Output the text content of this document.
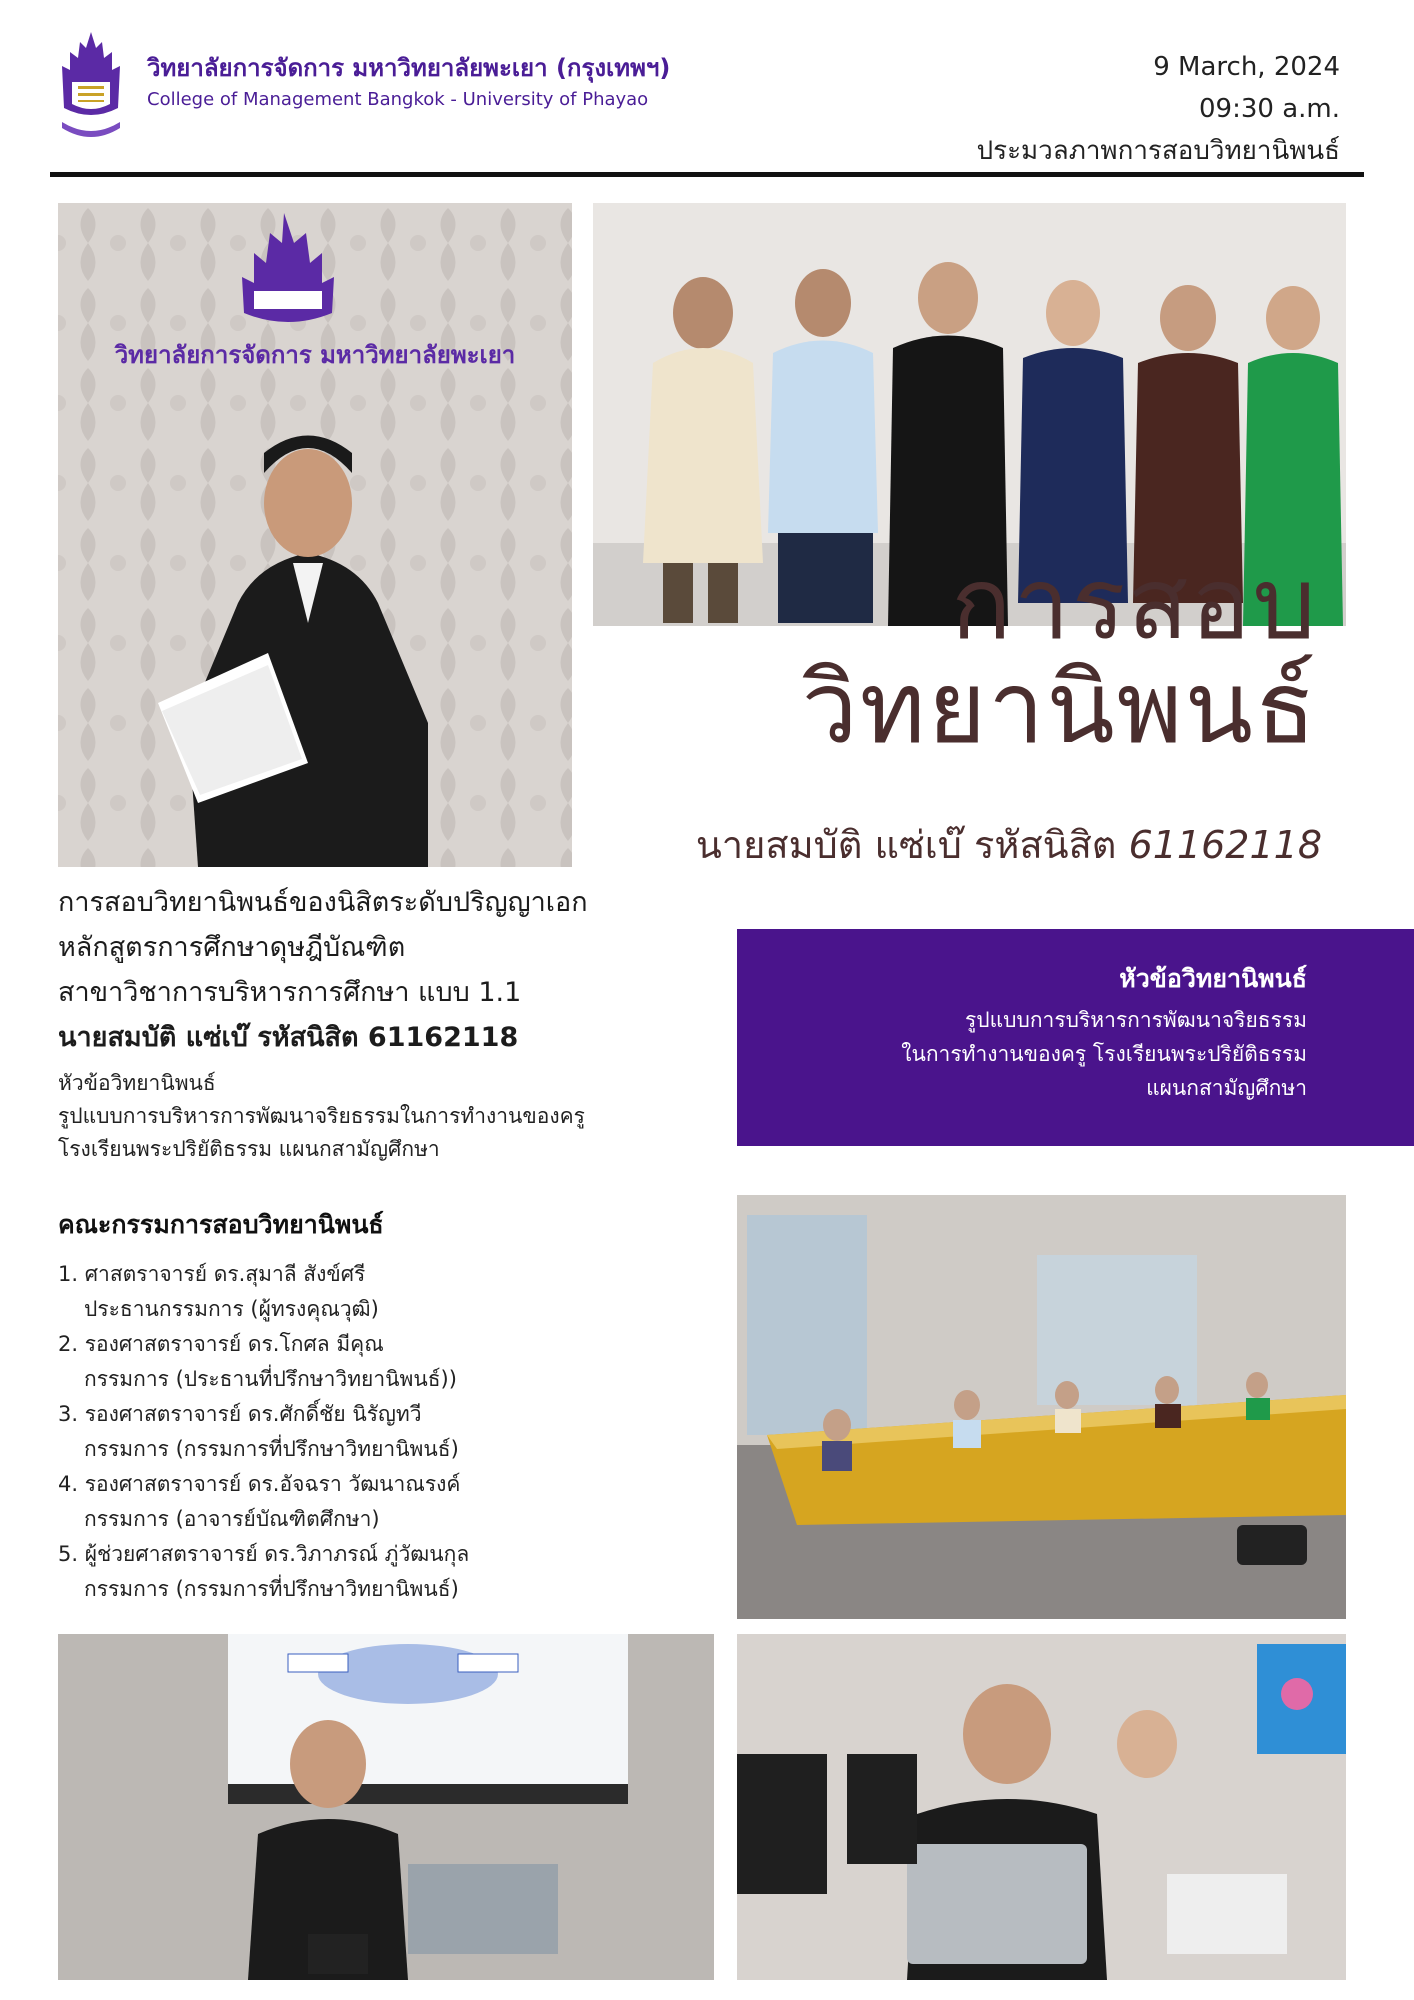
วิทยาลัยการจัดการ มหาวิทยาลัยพะเยา (กรุงเทพฯ)
College of Management Bangkok - University of Phayao
9 March, 2024
09:30 a.m.
ประมวลภาพการสอบวิทยานิพนธ์
วิทยาลัยการจัดการ มหาวิทยาลัยพะเยา
การสอบ
วิทยานิพนธ์
นายสมบัติ แซ่เบ๊ รหัสนิสิต 61162118
การสอบวิทยานิพนธ์ของนิสิตระดับปริญญาเอก
หลักสูตรการศึกษาดุษฎีบัณฑิต
สาขาวิชาการบริหารการศึกษา แบบ 1.1
นายสมบัติ แซ่เบ๊ รหัสนิสิต 61162118
หัวข้อวิทยานิพนธ์
รูปแบบการบริหารการพัฒนาจริยธรรมในการทำงานของครู
โรงเรียนพระปริยัติธรรม แผนกสามัญศึกษา
หัวข้อวิทยานิพนธ์
รูปแบบการบริหารการพัฒนาจริยธรรม
ในการทำงานของครู โรงเรียนพระปริยัติธรรม
แผนกสามัญศึกษา
คณะกรรมการสอบวิทยานิพนธ์
1. ศาสตราจารย์ ดร.สุมาลี สังข์ศรี
ประธานกรรมการ (ผู้ทรงคุณวุฒิ)
2. รองศาสตราจารย์ ดร.โกศล มีคุณ
กรรมการ (ประธานที่ปรึกษาวิทยานิพนธ์))
3. รองศาสตราจารย์ ดร.ศักดิ์ชัย นิรัญทวี
กรรมการ (กรรมการที่ปรึกษาวิทยานิพนธ์)
4. รองศาสตราจารย์ ดร.อัจฉรา วัฒนาณรงค์
กรรมการ (อาจารย์บัณฑิตศึกษา)
5. ผู้ช่วยศาสตราจารย์ ดร.วิภาภรณ์ ภู่วัฒนกุล
กรรมการ (กรรมการที่ปรึกษาวิทยานิพนธ์)
